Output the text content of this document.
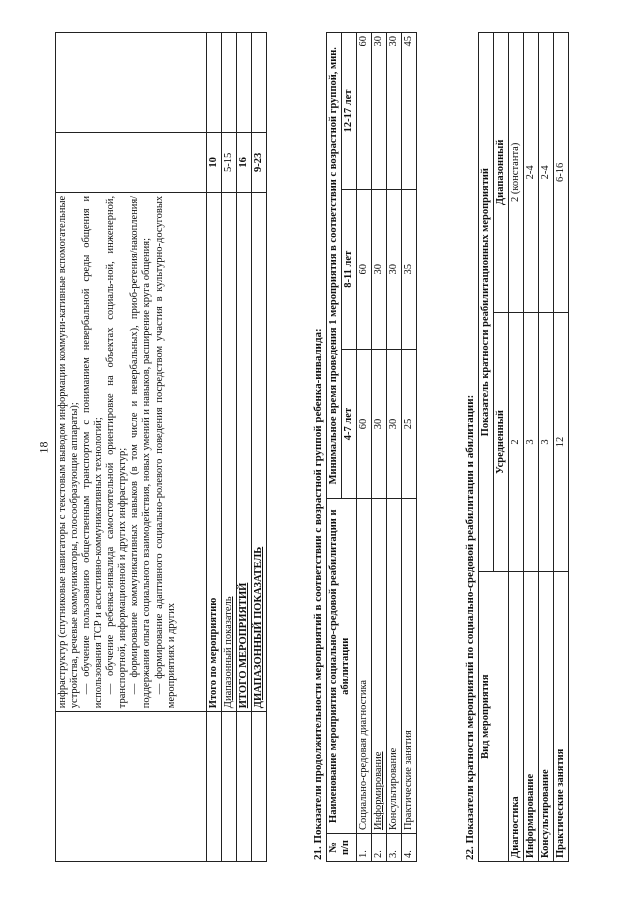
18

	инфраструктур (спутниковые навигаторы с текстовым выводом информации коммуни-кативные вспомогательные устройства, речевые коммуникаторы, голосообразующие аппараты); — обучение пользованию общественным транспортом с пониманием невербальной среды общения и использования ТСР и ассистивно-коммуникативных технологий; — обучение ребенка-инвалида самостоятельной ориентировке на объектах социаль-ной, инженерной, транспортной, информационной и других инфраструктур; — формирование коммуникативных навыков (в том числе и невербальных), приоб-ретения/накопления/поддержания опыта социального взаимодействия, новых умений и навыков, расширение круга общения; — формирование адаптивного социально-ролевого поведения посредством участия в культурно-досуговых мероприятиях и других		

	Итого по мероприятию	10	
	Диапазонный показатель	5-15	
	ИТОГО МЕРОПРИЯТИЙ	16	
	ДИАПАЗОННЫЙ ПОКАЗАТЕЛЬ	9-23	
21. Показатели продолжительности мероприятий в соответствии с возрастной группой ребенка-инвалида: № п/п	Наименование мероприятия социально-средовой реабилитации и абилитации	Минимальное время проведения 1 мероприятия в соответствии с возрастной группой, мин.		
		4-7 лет	8-11 лет	12-17 лет
1.	Социально-средовая диагностика	60	60	60
2.	Информирование	30	30	30
3.	Консультирование	30	30	30
4.	Практические занятия	25	35	45
22. Показатели кратности мероприятий по социально-средовой реабилитации и абилитации: Вид мероприятия	Показатель кратности реабилитационных мероприятий	
	Усредненный	Диапазонный
Диагностика	2	2 (константа)
Информирование	3	2-4
Консультирование	3	2-4
Практические занятия	12	6-16
